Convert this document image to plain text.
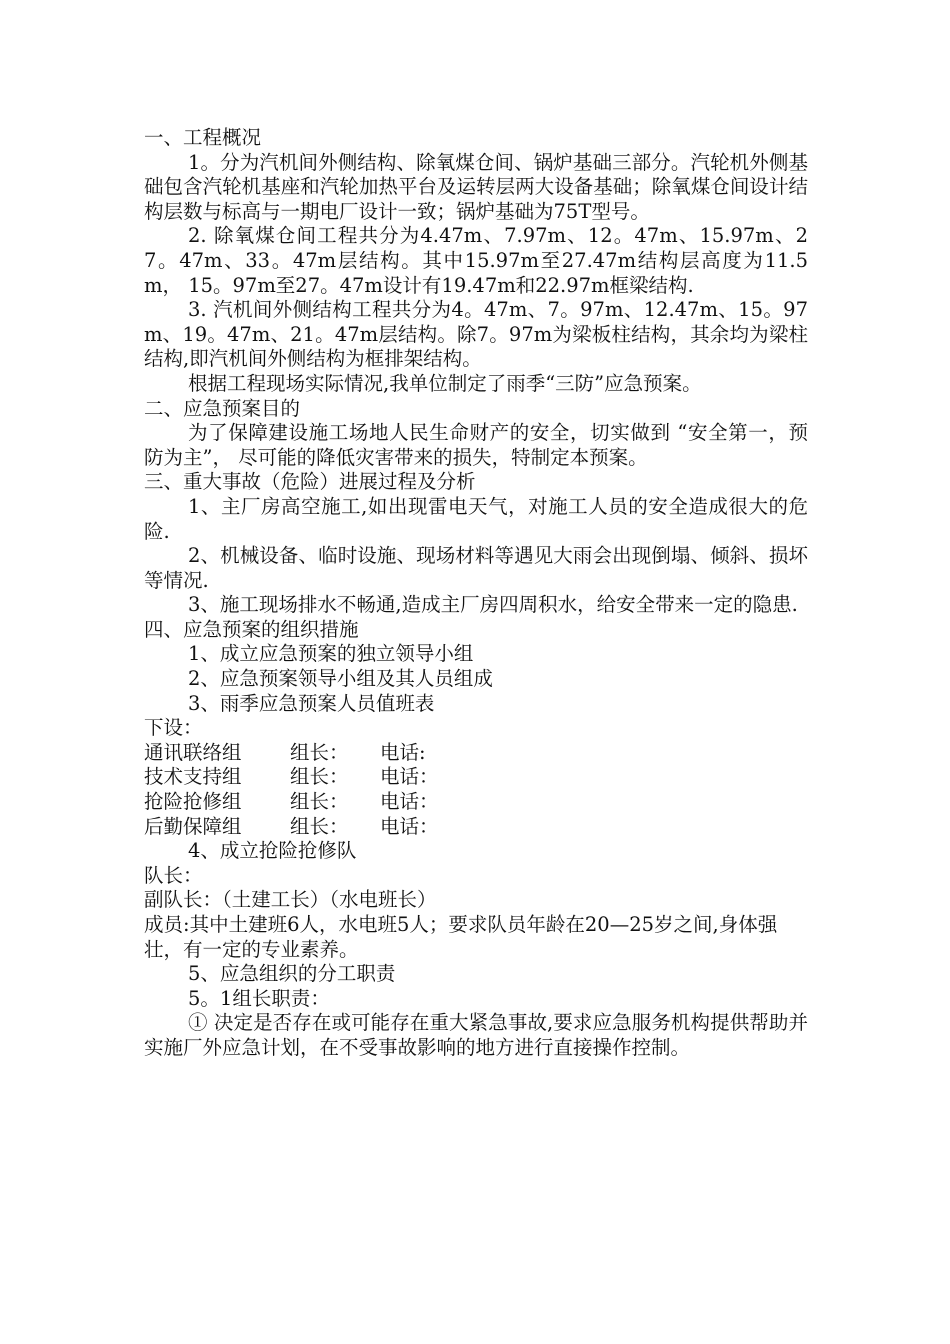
一、工程概况

1。分为汽机间外侧结构、除氧煤仓间、锅炉基础三部分。汽轮机外侧基础包含汽轮机基座和汽轮加热平台及运转层两大设备基础；除氧煤仓间设计结构层数与标高与一期电厂设计一致；锅炉基础为75T型号。

2. 除氧煤仓间工程共分为4.47m、7.97m、12。47m、15.97m、27。47m、33。47m层结构。其中15.97m至27.47m结构层高度为11.5m， 15。97m至27。47m设计有19.47m和22.97m框梁结构.

3. 汽机间外侧结构工程共分为4。47m、7。97m、12.47m、15。97m、19。47m、21。47m层结构。除7。97m为梁板柱结构，其余均为梁柱结构,即汽机间外侧结构为框排架结构。

根据工程现场实际情况,我单位制定了雨季“三防”应急预案。

二、应急预案目的

为了保障建设施工场地人民生命财产的安全，切实做到 “安全第一，预防为主”， 尽可能的降低灾害带来的损失，特制定本预案。

三、重大事故（危险）进展过程及分析

1、主厂房高空施工,如出现雷电天气，对施工人员的安全造成很大的危险.

2、机械设备、临时设施、现场材料等遇见大雨会出现倒塌、倾斜、损坏等情况.

3、施工现场排水不畅通,造成主厂房四周积水，给安全带来一定的隐患.

四、应急预案的组织措施

1、成立应急预案的独立领导小组

2、应急预案领导小组及其人员组成

3、雨季应急预案人员值班表

下设：

通讯联络组	组长：	电话:
技术支持组	组长：	电话：
抢险抢修组	组长：	电话：
后勤保障组	组长：	电话：

4、成立抢险抢修队

队长：

副队长：（土建工长）（水电班长）

成员:其中土建班6人，水电班5人；要求队员年龄在20—25岁之间,身体强壮，有一定的专业素养。

5、应急组织的分工职责

5。1组长职责：

① 决定是否存在或可能存在重大紧急事故,要求应急服务机构提供帮助并实施厂外应急计划，在不受事故影响的地方进行直接操作控制。
